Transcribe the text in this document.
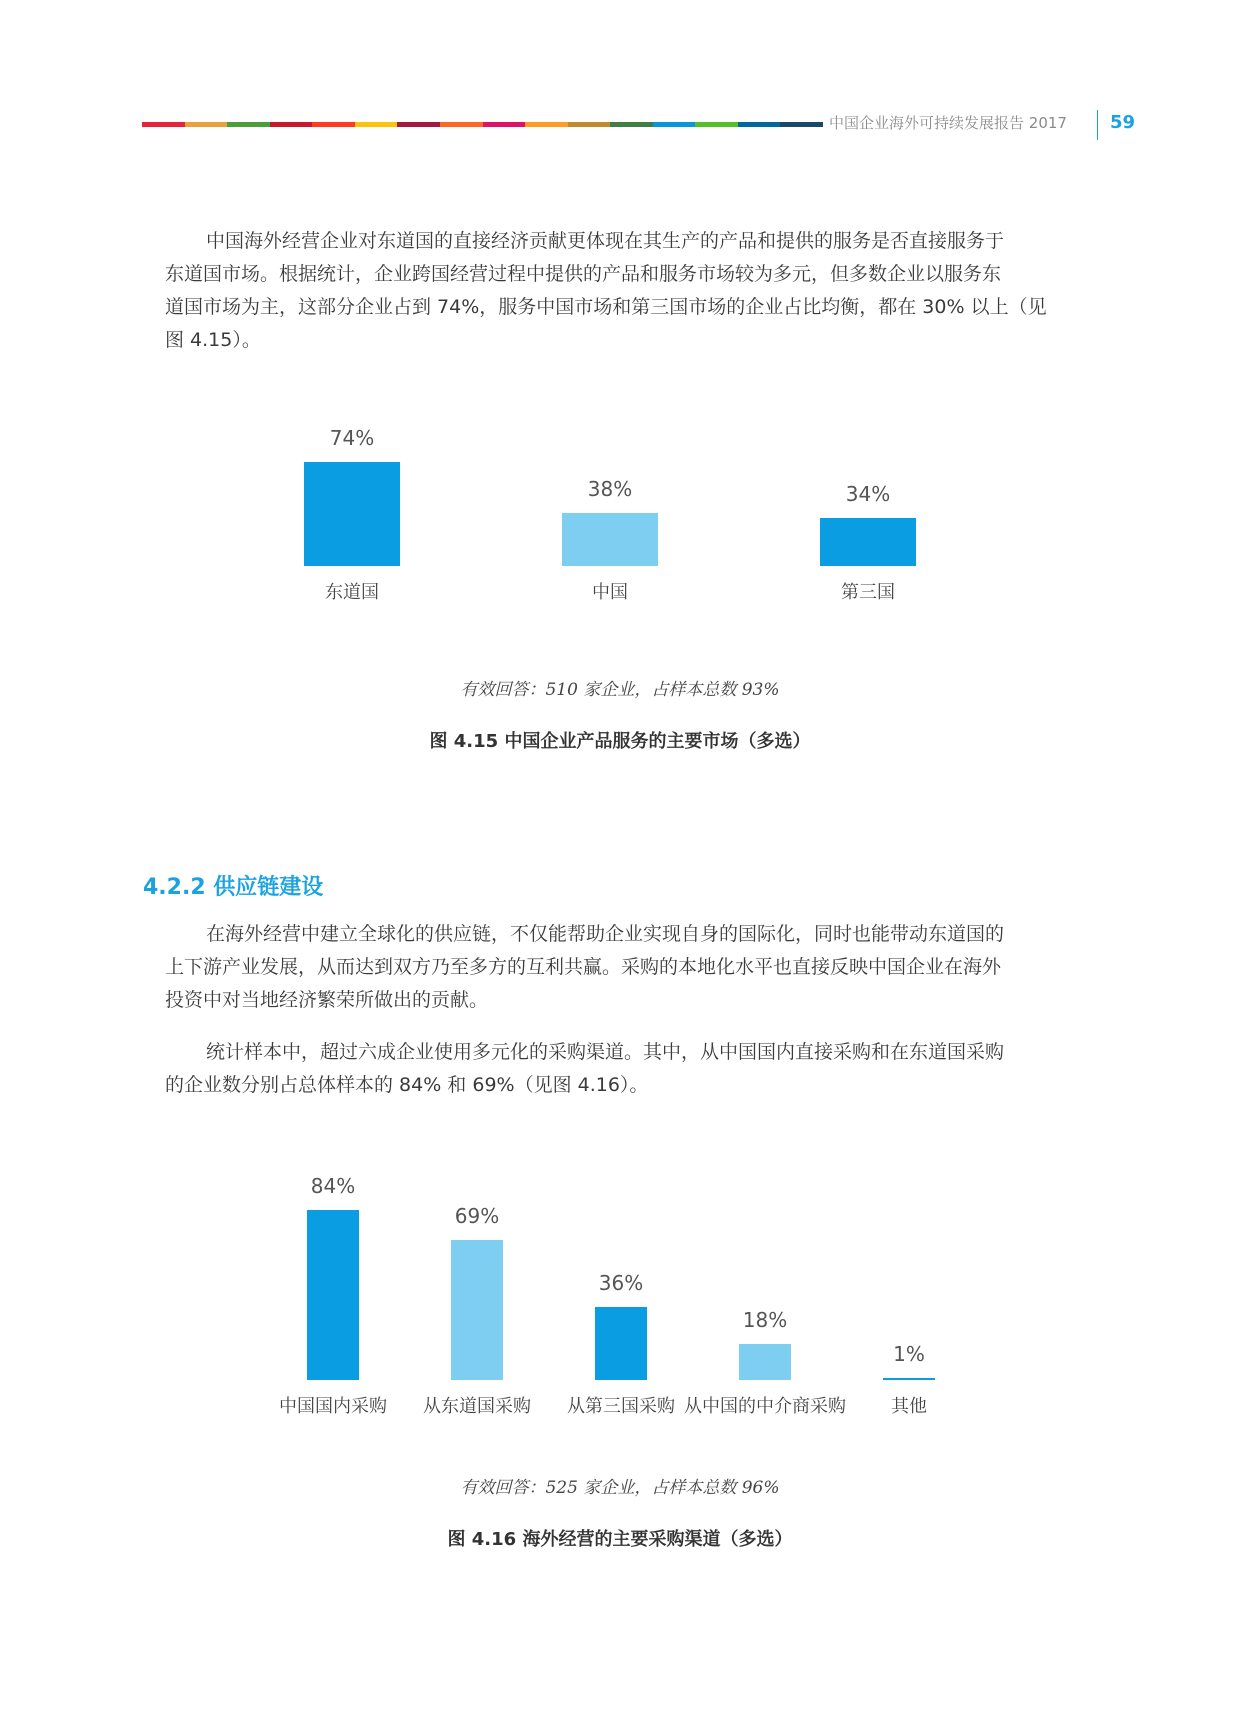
中国企业海外可持续发展报告 2017 59
中国海外经营企业对东道国的直接经济贡献更体现在其生产的产品和提供的服务是否直接服务于
东道国市场。根据统计，企业跨国经营过程中提供的产品和服务市场较为多元，但多数企业以服务东
道国市场为主，这部分企业占到 74%，服务中国市场和第三国市场的企业占比均衡，都在 30% 以上（见
图 4.15）。
74%
东道国
38%
中国
34%
第三国
有效回答：510 家企业，占样本总数 93%
图 4.15 中国企业产品服务的主要市场（多选）
4.2.2 供应链建设
在海外经营中建立全球化的供应链，不仅能帮助企业实现自身的国际化，同时也能带动东道国的
上下游产业发展，从而达到双方乃至多方的互利共赢。采购的本地化水平也直接反映中国企业在海外
投资中对当地经济繁荣所做出的贡献。
统计样本中，超过六成企业使用多元化的采购渠道。其中，从中国国内直接采购和在东道国采购
的企业数分别占总体样本的 84% 和 69%（见图 4.16）。
84%
中国国内采购
69%
从东道国采购
36%
从第三国采购
18%
从中国的中介商采购
1%
其他
有效回答：525 家企业，占样本总数 96%
图 4.16 海外经营的主要采购渠道（多选）
